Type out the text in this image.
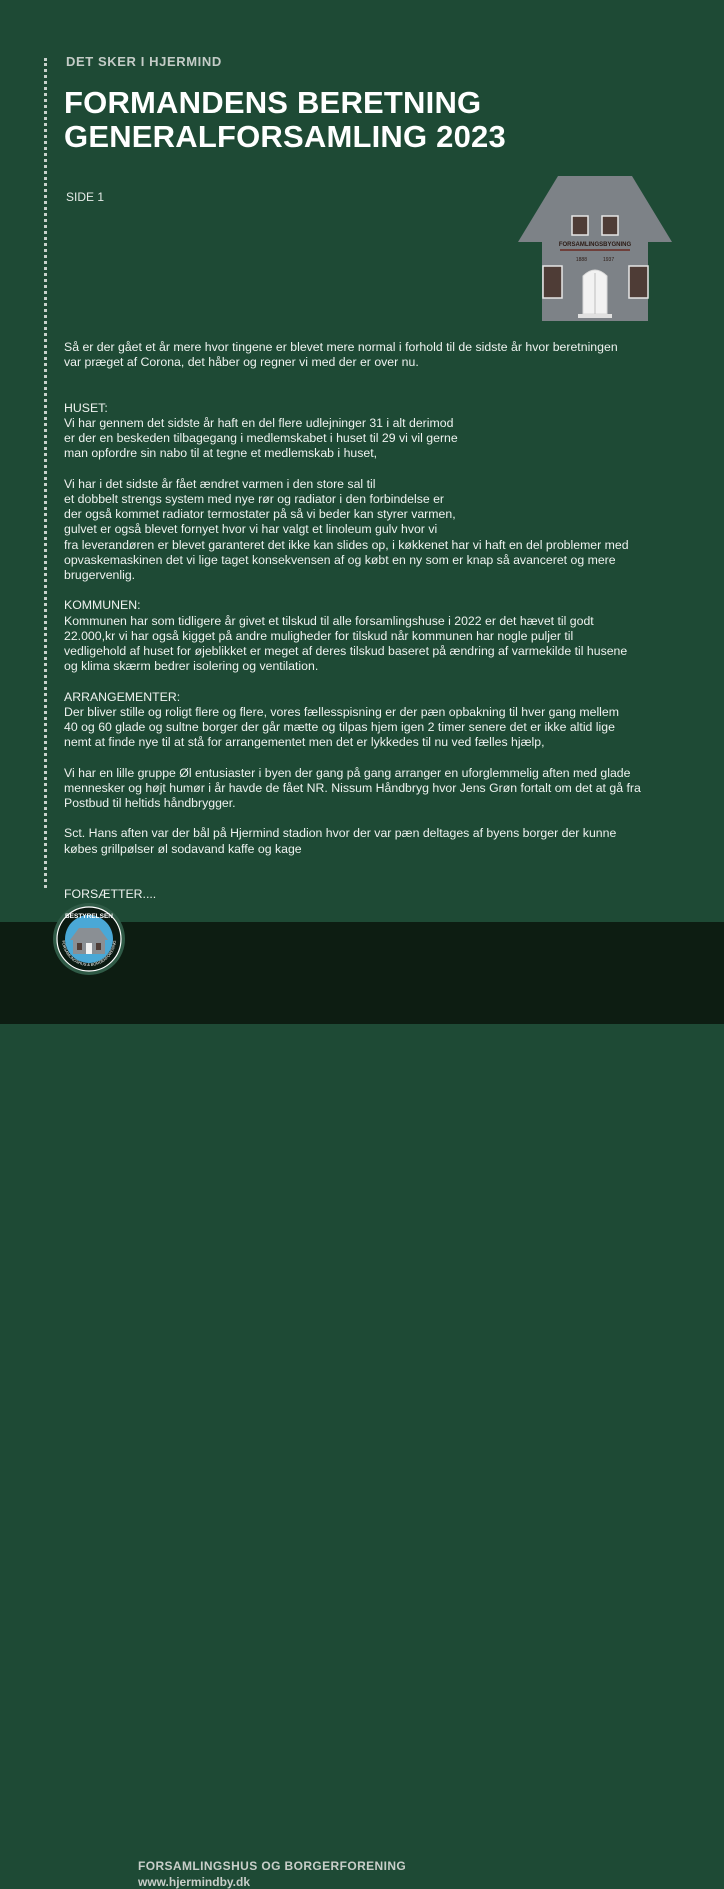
DET SKER I HJERMIND
FORMANDENS BERETNING
GENERALFORSAMLING 2023
SIDE 1
FORSAMLINGSBYGNING
1888	1937

Så er der gået et år mere hvor tingene er blevet mere normal i forhold til de sidste år hvor beretningen

var præget af Corona, det håber og regner vi med der er over nu.

HUSET:

Vi har gennem det sidste år haft en del flere udlejninger 31 i alt derimod

er der en beskeden tilbagegang i medlemskabet i huset til 29 vi vil gerne

man opfordre sin nabo til at tegne et medlemskab i huset,

Vi har i det sidste år fået ændret varmen i den store sal til

et dobbelt strengs system med nye rør og radiator i den forbindelse er

der også kommet radiator termostater på så vi beder kan styrer varmen,

gulvet er også blevet fornyet hvor vi har valgt et linoleum gulv hvor vi

fra leverandøren er blevet garanteret det ikke kan slides op, i køkkenet har vi haft en del problemer med

opvaskemaskinen det vi lige taget konsekvensen af og købt en ny som er knap så avanceret og mere

brugervenlig.

KOMMUNEN:

Kommunen har som tidligere år givet et tilskud til alle forsamlingshuse i 2022 er det hævet til godt

22.000,kr vi har også kigget på andre muligheder for tilskud når kommunen har nogle puljer til

vedligehold af huset for øjeblikket er meget af deres tilskud baseret på ændring af varmekilde til husene

og klima skærm bedrer isolering og ventilation.

ARRANGEMENTER:

Der bliver stille og roligt flere og flere, vores fællesspisning er der pæn opbakning til hver gang mellem

40 og 60 glade og sultne borger der går mætte og tilpas hjem igen 2 timer senere det er ikke altid lige

nemt at finde nye til at stå for arrangementet men det er lykkedes til nu ved fælles hjælp,

Vi har en lille gruppe Øl entusiaster i byen der gang på gang arranger en uforglemmelig aften med glade

mennesker og højt humør i år havde de fået NR. Nissum Håndbryg hvor Jens Grøn fortalt om det at gå fra

Postbud til heltids håndbrygger.

Sct. Hans aften var der bål på Hjermind stadion hvor der var pæn deltages af byens borger der kunne

købes grillpølser øl sodavand kaffe og kage

FORSÆTTER....

FORSAMLINGSHUS OG BORGERFORENING
www.hjermindby.dk
BESTYRELSEN
FORSAMLINGSHUS & BORGERFORENING
